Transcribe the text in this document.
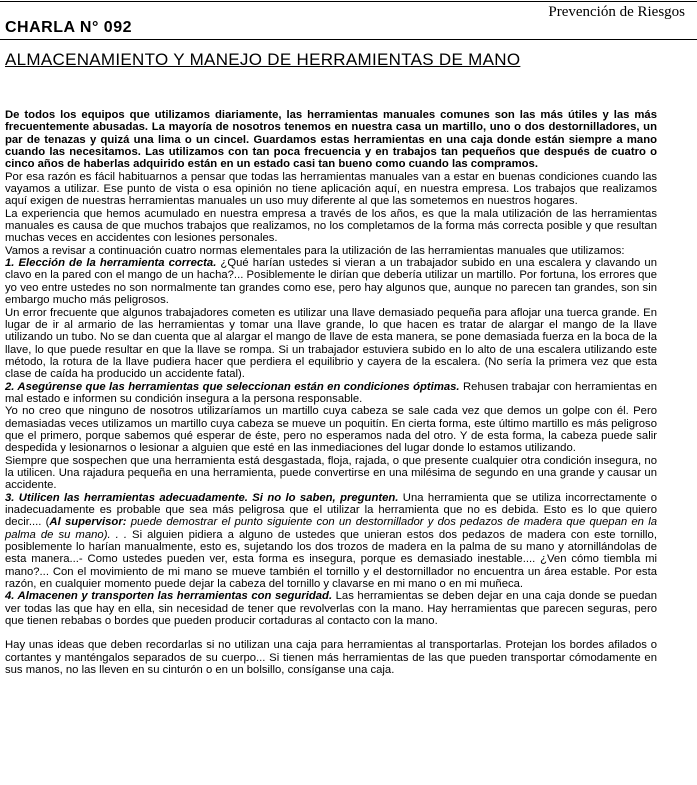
Prevención de Riesgos
CHARLA N° 092
ALMACENAMIENTO Y MANEJO DE HERRAMIENTAS DE MANO

De todos los equipos que utilizamos diariamente, las herramientas manuales comunes son las más útiles y las más frecuentemente abusadas. La mayoría de nosotros tenemos en nuestra casa un martillo, uno o dos destornilladores, un par de tenazas y quizá una lima o un cincel. Guardamos estas herramientas en una caja donde están siempre a mano cuando las necesitamos. Las utilizamos con tan poca frecuencia y en trabajos tan pequeños que después de cuatro o cinco años de haberlas adquirido están en un estado casi tan bueno como cuando las compramos.

Por esa razón es fácil habituarnos a pensar que todas las herramientas manuales van a estar en buenas condiciones cuando las vayamos a utilizar. Ese punto de vista o esa opinión no tiene aplicación aquí, en nuestra empresa. Los trabajos que realizamos aquí exigen de nuestras herramientas manuales un uso muy diferente al que las sometemos en nuestros hogares.

La experiencia que hemos acumulado en nuestra empresa a través de los años, es que la mala utilización de las herramientas manuales es causa de que muchos trabajos que realizamos, no los completamos de la forma más correcta posible y que resultan muchas veces en accidentes con lesiones personales.

Vamos a revisar a continuación cuatro normas elementales para la utilización de las herramientas manuales que utilizamos:

1. Elección de la herramienta correcta. ¿Qué harían ustedes si vieran a un trabajador subido en una escalera y clavando un clavo en la pared con el mango de un hacha?... Posiblemente le dirían que debería utilizar un martillo. Por fortuna, los errores que yo veo entre ustedes no son normalmente tan grandes como ese, pero hay algunos que, aunque no parecen tan grandes, son sin embargo mucho más peligrosos.

Un error frecuente que algunos trabajadores cometen es utilizar una llave demasiado pequeña para aflojar una tuerca grande. En lugar de ir al armario de las herramientas y tomar una llave grande, lo que hacen es tratar de alargar el mango de la llave utilizando un tubo. No se dan cuenta que al alargar el mango de llave de esta manera, se pone demasiada fuerza en la boca de la llave, lo que puede resultar en que la llave se rompa. Si un trabajador estuviera subido en lo alto de una escalera utilizando este método, la rotura de la llave pudiera hacer que perdiera el equilibrio y cayera de la escalera. (No sería la primera vez que esta clase de caída ha producido un accidente fatal).

2. Asegúrense que las herramientas que seleccionan están en condiciones óptimas. Rehusen trabajar con herramientas en mal estado e informen su condición insegura a la persona responsable.

Yo no creo que ninguno de nosotros utilizaríamos un martillo cuya cabeza se sale cada vez que demos un golpe con él. Pero demasiadas veces utilizamos un martillo cuya cabeza se mueve un poquitín. En cierta forma, este último martillo es más peligroso que el primero, porque sabemos qué esperar de éste, pero no esperamos nada del otro. Y de esta forma, la cabeza puede salir despedida y lesionarnos o lesionar a alguien que esté en las inmediaciones del lugar donde lo estamos utilizando.

Siempre que sospechen que una herramienta está desgastada, floja, rajada, o que presente cualquier otra condición insegura, no la utilicen. Una rajadura pequeña en una herramienta, puede convertirse en una milésima de segundo en una grande y causar un accidente.

3. Utilicen las herramientas adecuadamente. Si no lo saben, pregunten. Una herramienta que se utiliza incorrectamente o inadecuadamente es probable que sea más peligrosa que el utilizar la herramienta que no es debida. Esto es lo que quiero decir.... (Al supervisor: puede demostrar el punto siguiente con un destornillador y dos pedazos de madera que quepan en la palma de su mano). . . Si alguien pidiera a alguno de ustedes que unieran estos dos pedazos de madera con este tornillo, posiblemente lo harían manualmente, esto es, sujetando los dos trozos de madera en la palma de su mano y atornillándolas de esta manera...- Como ustedes pueden ver, esta forma es insegura, porque es demasiado inestable.... ¿Ven cómo tiembla mi mano?... Con el movimiento de mi mano se mueve también el tornillo y el destornillador no encuentra un área estable. Por esta razón, en cualquier momento puede dejar la cabeza del tornillo y clavarse en mi mano o en mi muñeca.

4. Almacenen y transporten las herramientas con seguridad. Las herramientas se deben dejar en una caja donde se puedan ver todas las que hay en ella, sin necesidad de tener que revolverlas con la mano. Hay herramientas que parecen seguras, pero que tienen rebabas o bordes que pueden producir cortaduras al contacto con la mano.

Hay unas ideas que deben recordarlas si no utilizan una caja para herramientas al transportarlas. Protejan los bordes afilados o cortantes y manténgalos separados de su cuerpo... Si tienen más herramientas de las que pueden transportar cómodamente en sus manos, no las lleven en su cinturón o en un bolsillo, consíganse una caja.
